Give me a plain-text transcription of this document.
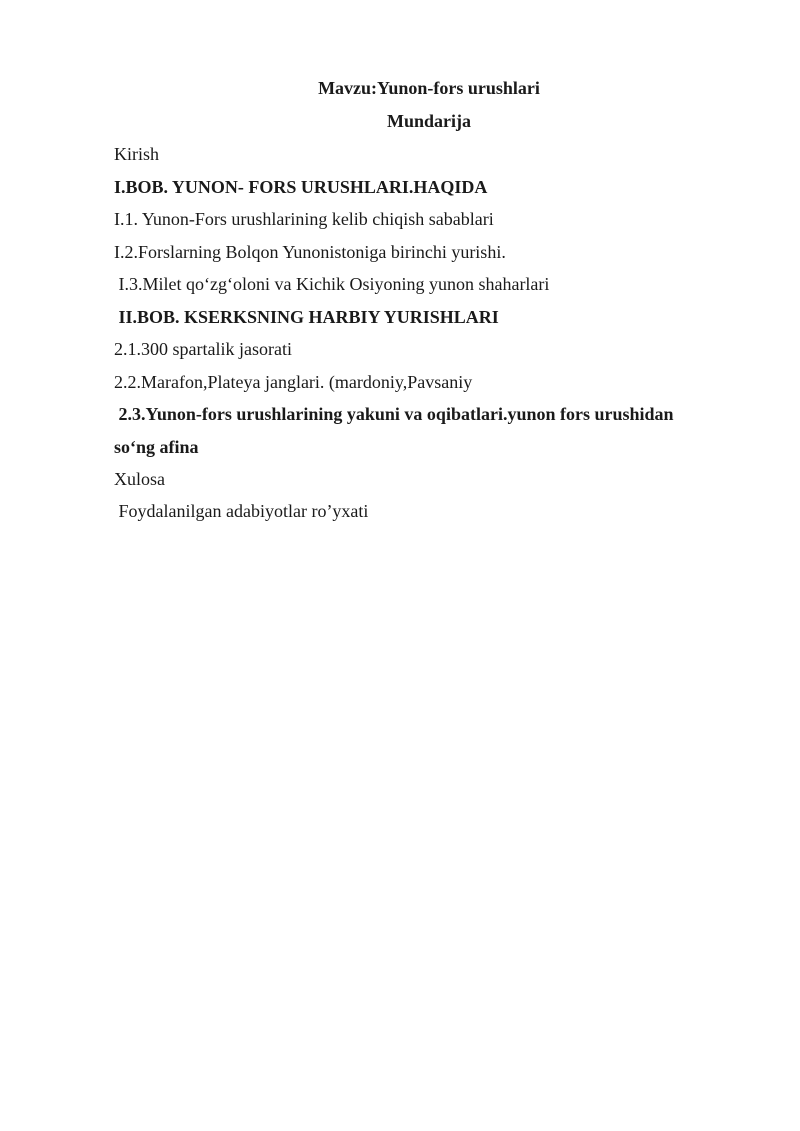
Mavzu:Yunon-fors urushlari
Mundarija
Kirish
I.BOB. YUNON- FORS URUSHLARI.HAQIDA
I.1. Yunon-Fors urushlarining kelib chiqish sabablari
I.2.Forslarning Bolqon Yunonistoniga birinchi yurishi.
I.3.Milet qo‘zg‘oloni va Kichik Osiyoning yunon shaharlari
II.BOB. KSERKSNING HARBIY YURISHLARI
2.1.300 spartalik jasorati
2.2.Marafon,Plateya janglari. (mardoniy,Pavsaniy
2.3.Yunon-fors urushlarining yakuni va oqibatlari.yunon fors urushidan
so‘ng afina
Xulosa
Foydalanilgan adabiyotlar ro’yxati
